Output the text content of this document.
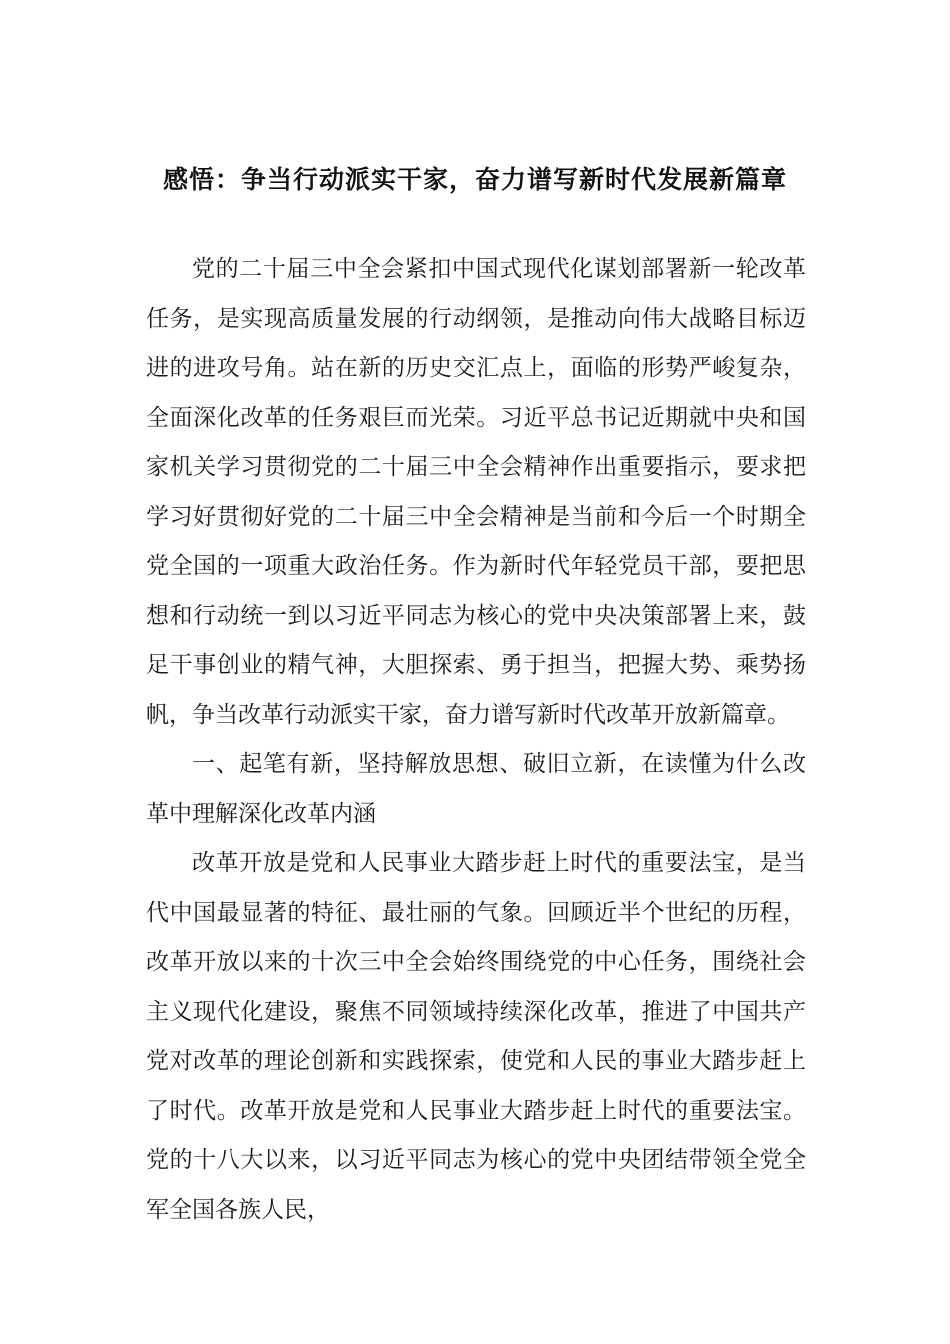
感悟：争当行动派实干家，奋力谱写新时代发展新篇章

党的二十届三中全会紧扣中国式现代化谋划部署新一轮改革任务，是实现高质量发展的行动纲领，是推动向伟大战略目标迈进的进攻号角。站在新的历史交汇点上，面临的形势严峻复杂，全面深化改革的任务艰巨而光荣。习近平总书记近期就中央和国家机关学习贯彻党的二十届三中全会精神作出重要指示，要求把学习好贯彻好党的二十届三中全会精神是当前和今后一个时期全党全国的一项重大政治任务。作为新时代年轻党员干部，要把思想和行动统一到以习近平同志为核心的党中央决策部署上来，鼓足干事创业的精气神，大胆探索、勇于担当，把握大势、乘势扬帆，争当改革行动派实干家，奋力谱写新时代改革开放新篇章。

一、起笔有新，坚持解放思想、破旧立新，在读懂为什么改革中理解深化改革内涵

改革开放是党和人民事业大踏步赶上时代的重要法宝，是当代中国最显著的特征、最壮丽的气象。回顾近半个世纪的历程，改革开放以来的十次三中全会始终围绕党的中心任务，围绕社会主义现代化建设，聚焦不同领域持续深化改革，推进了中国共产党对改革的理论创新和实践探索，使党和人民的事业大踏步赶上了时代。改革开放是党和人民事业大踏步赶上时代的重要法宝。党的十八大以来，以习近平同志为核心的党中央团结带领全党全军全国各族人民，
